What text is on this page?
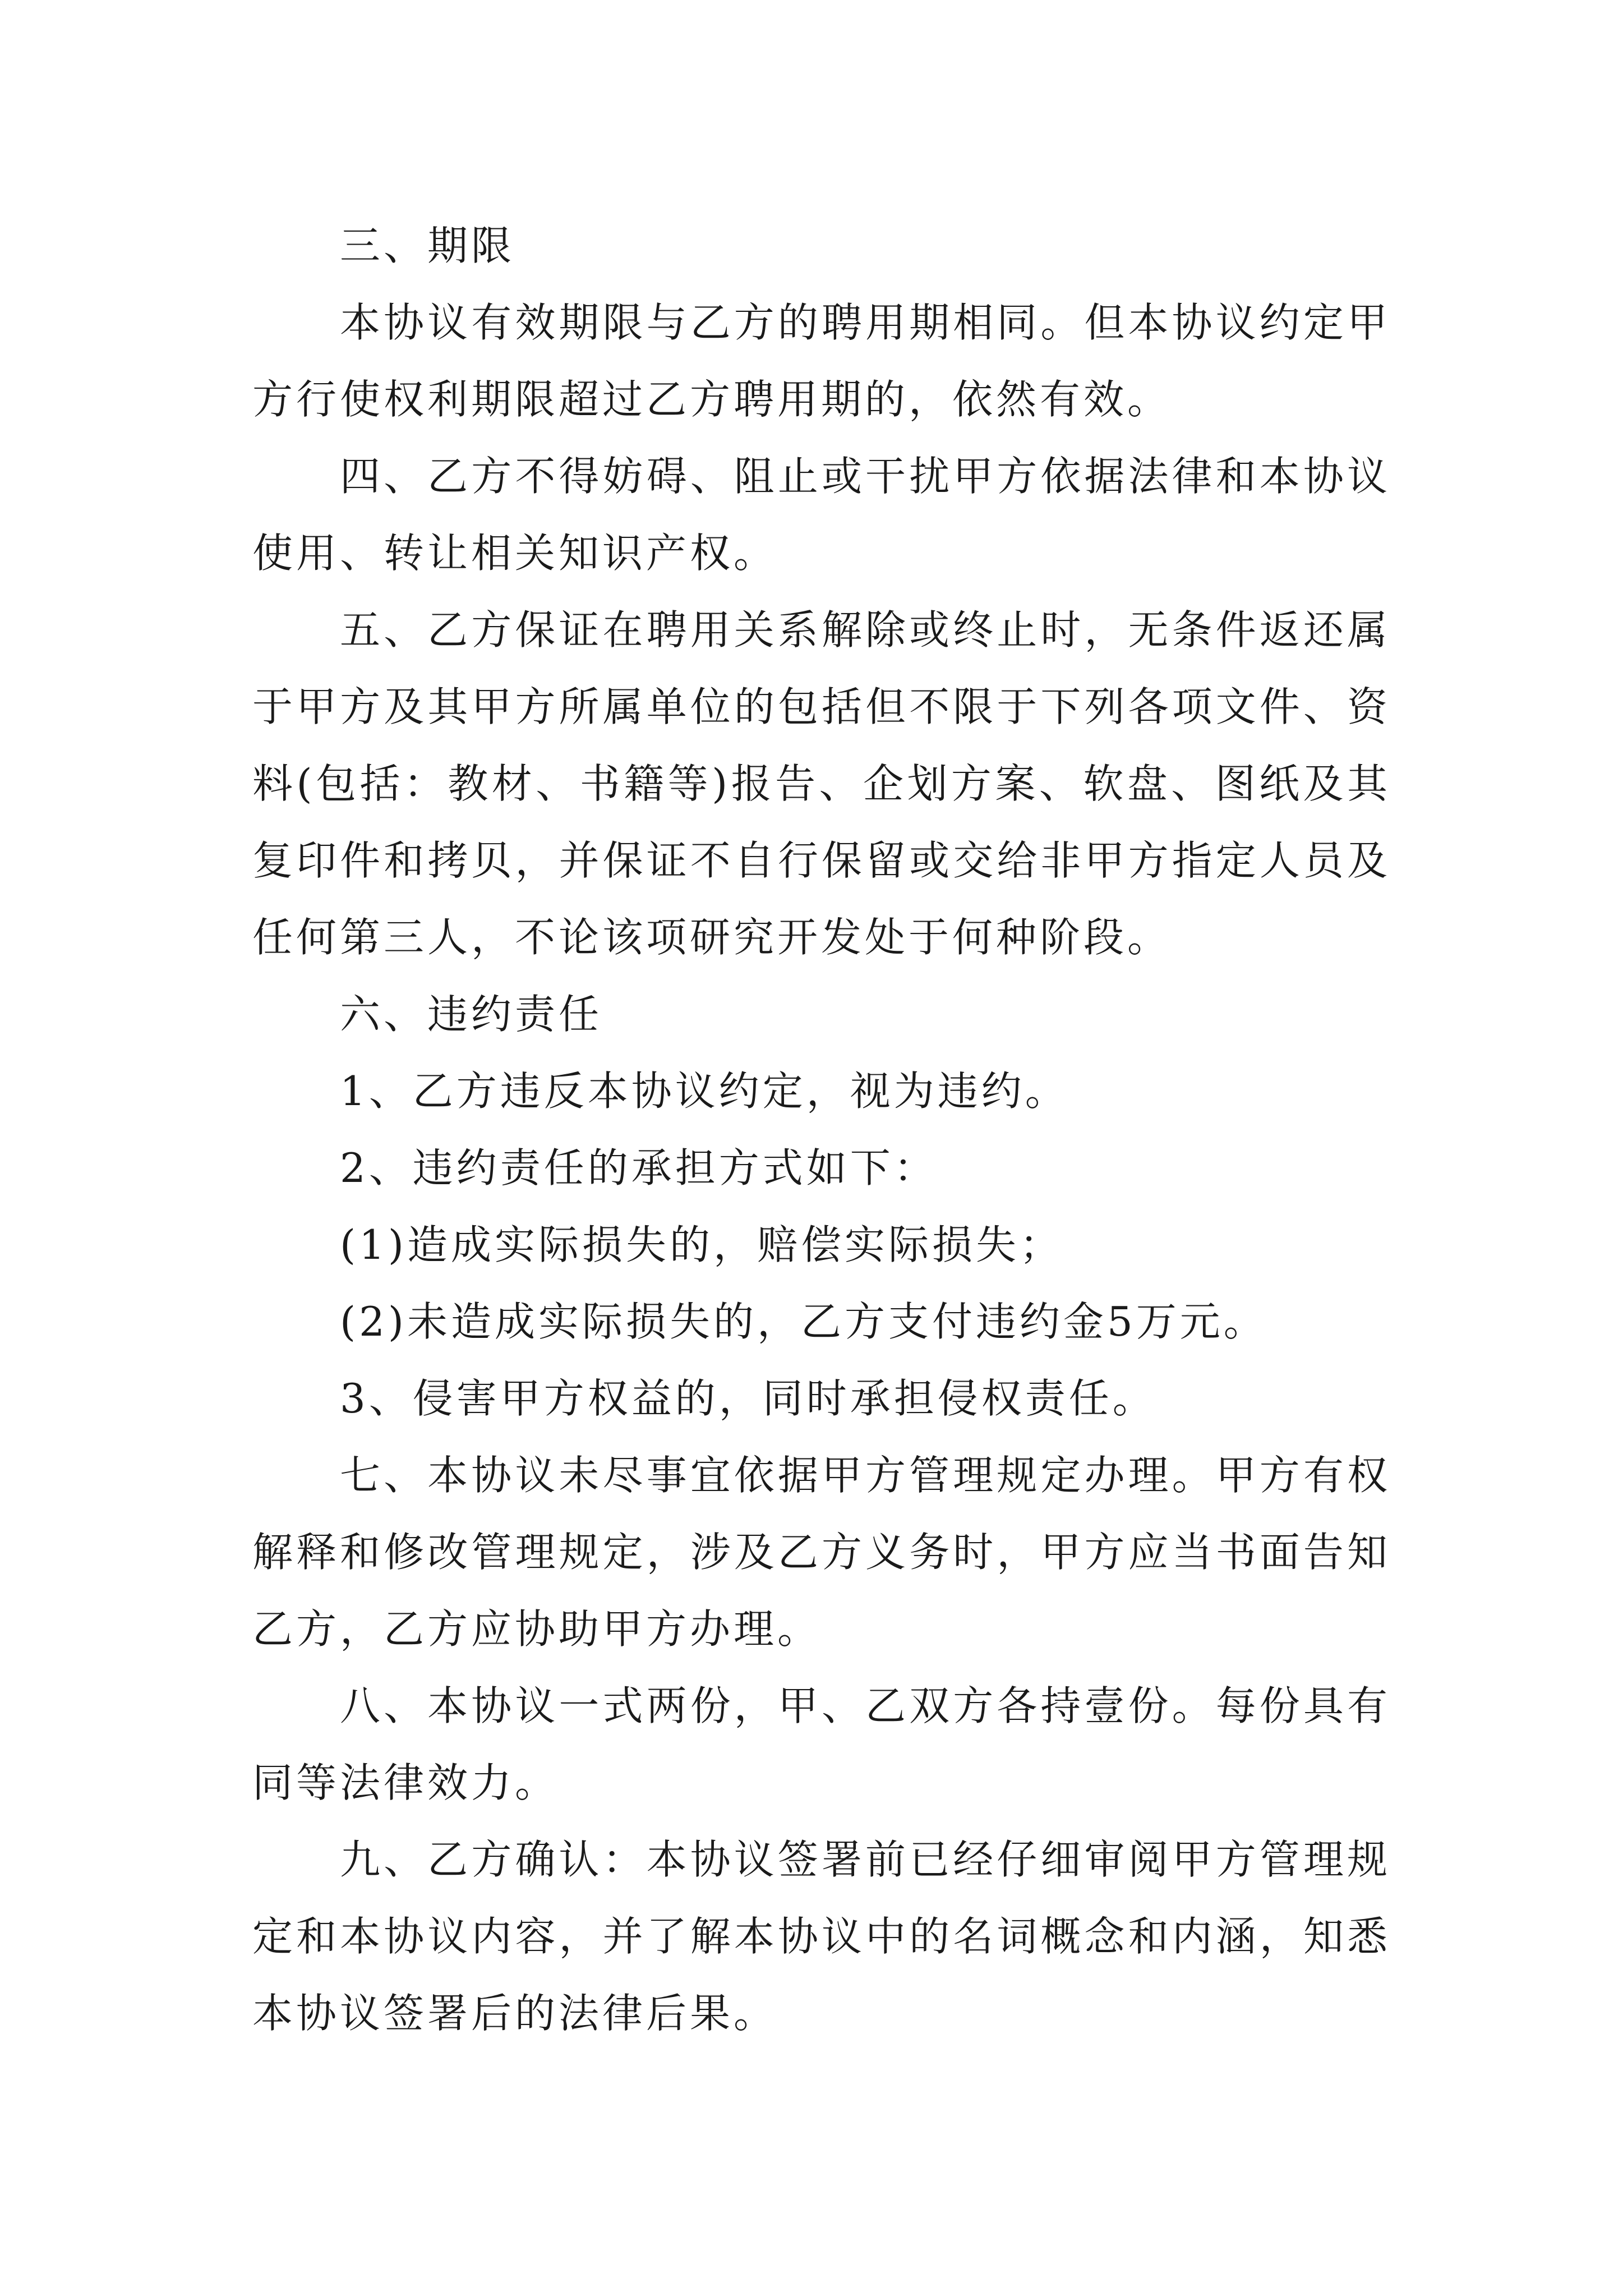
三、期限

本协议有效期限与乙方的聘用期相同。但本协议约定甲方行使权利期限超过乙方聘用期的，依然有效。

四、乙方不得妨碍、阻止或干扰甲方依据法律和本协议使用、转让相关知识产权。

五、乙方保证在聘用关系解除或终止时，无条件返还属于甲方及其甲方所属单位的包括但不限于下列各项文件、资料(包括：教材、书籍等)报告、企划方案、软盘、图纸及其复印件和拷贝，并保证不自行保留或交给非甲方指定人员及任何第三人，不论该项研究开发处于何种阶段。

六、违约责任

1、乙方违反本协议约定，视为违约。

2、违约责任的承担方式如下：

(1)造成实际损失的，赔偿实际损失；

(2)未造成实际损失的，乙方支付违约金5万元。

3、侵害甲方权益的，同时承担侵权责任。

七、本协议未尽事宜依据甲方管理规定办理。甲方有权解释和修改管理规定，涉及乙方义务时，甲方应当书面告知乙方，乙方应协助甲方办理。

八、本协议一式两份，甲、乙双方各持壹份。每份具有同等法律效力。

九、乙方确认：本协议签署前已经仔细审阅甲方管理规定和本协议内容，并了解本协议中的名词概念和内涵，知悉本协议签署后的法律后果。
